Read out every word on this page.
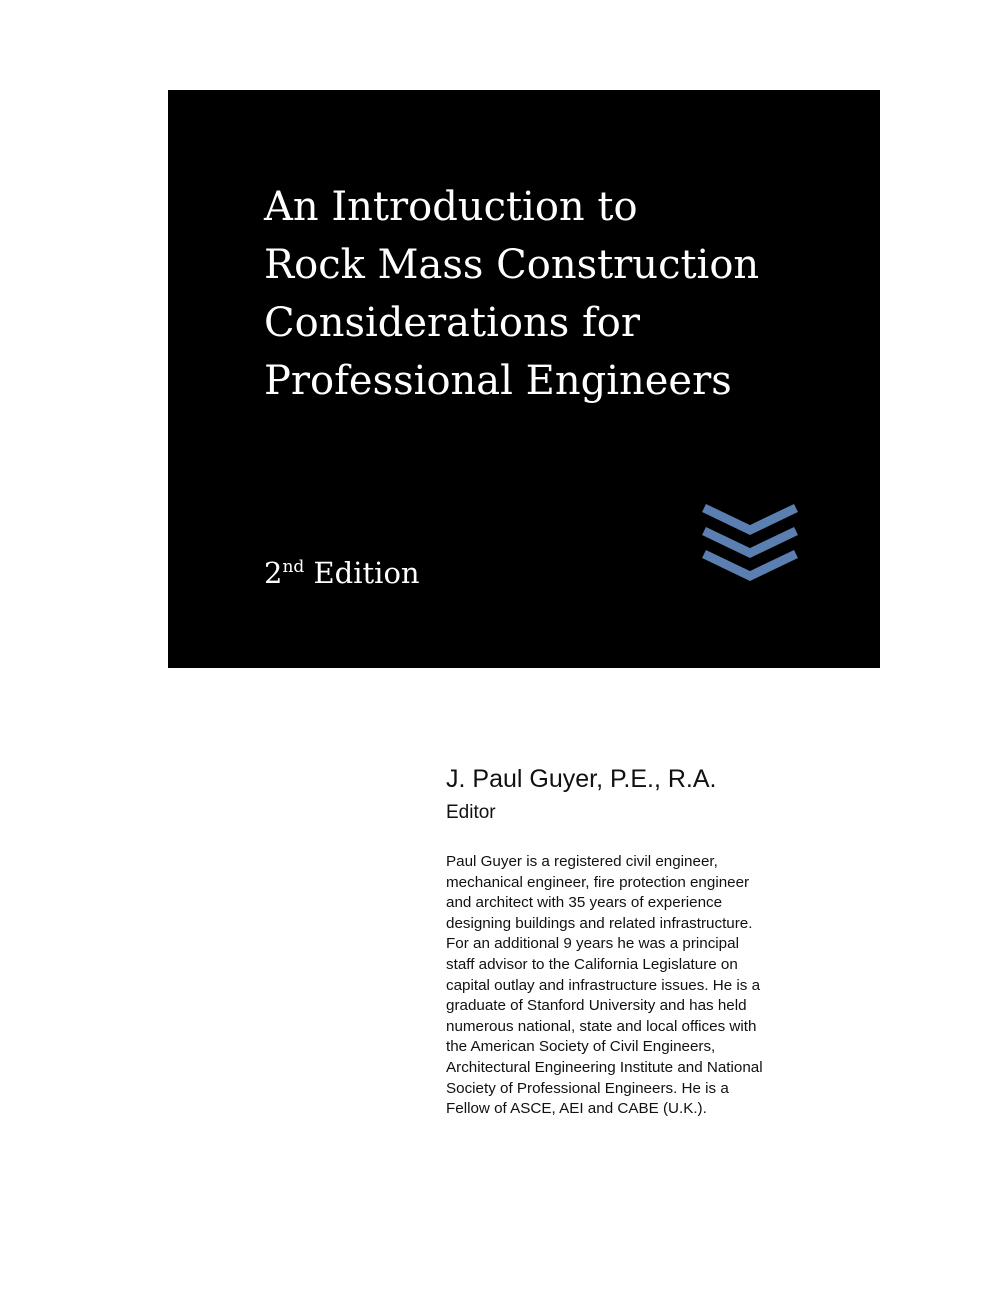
An Introduction to
Rock Mass Construction
Considerations for
Professional Engineers
2nd Edition
J. Paul Guyer, P.E., R.A.
Editor
Paul Guyer is a registered civil engineer,
mechanical engineer, fire protection engineer
and architect with 35 years of experience
designing buildings and related infrastructure.
For an additional 9 years he was a principal
staff advisor to the California Legislature on
capital outlay and infrastructure issues. He is a
graduate of Stanford University and has held
numerous national, state and local offices with
the American Society of Civil Engineers,
Architectural Engineering Institute and National
Society of Professional Engineers. He is a
Fellow of ASCE, AEI and CABE (U.K.).
